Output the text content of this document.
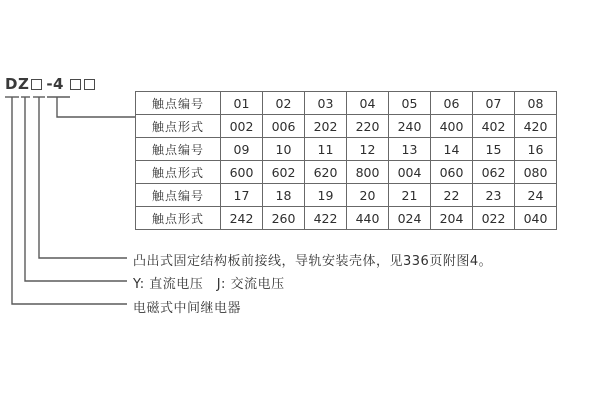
DZ -4
触点编号	01	02	03	04	05	06	07	08
触点形式	002	006	202	220	240	400	402	420
触点编号	09	10	11	12	13	14	15	16
触点形式	600	602	620	800	004	060	062	080
触点编号	17	18	19	20	21	22	23	24
触点形式	242	260	422	440	024	204	022	040
凸出式固定结构板前接线，导轨安装壳体，见336页附图4。
Y: 直流电压　J: 交流电压
电磁式中间继电器
